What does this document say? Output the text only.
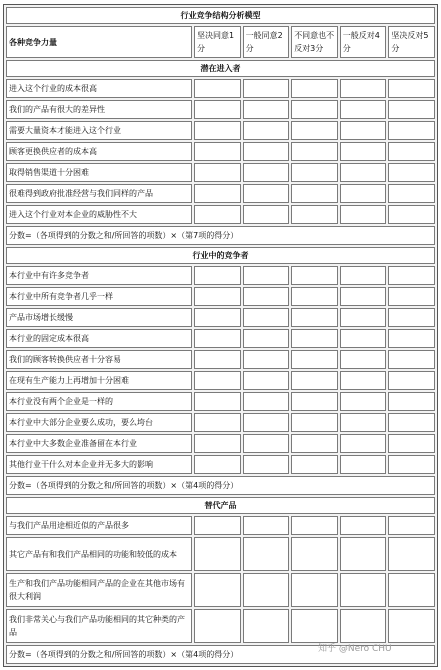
行业竞争结构分析模型					
各种竞争力量	坚决同意1分	一般同意2分	不同意也不反对3分	一般反对4分	坚决反对5分
潜在进入者					
进入这个行业的成本很高					
我们的产品有很大的差异性					
需要大量资本才能进入这个行业					
顾客更换供应者的成本高					
取得销售渠道十分困难					
很难得到政府批准经营与我们同样的产品					
进入这个行业对本企业的威胁性不大					
分数=（各项得到的分数之和/所回答的项数）×（第7项的得分）					
行业中的竞争者					
本行业中有许多竞争者					
本行业中所有竞争者几乎一样					
产品市场增长缓慢					
本行业的固定成本很高					
我们的顾客转换供应者十分容易					
在现有生产能力上再增加十分困难					
本行业没有两个企业是一样的					
本行业中大部分企业要么成功，要么垮台					
本行业中大多数企业准备留在本行业					
其他行业干什么对本企业并无多大的影响					
分数=（各项得到的分数之和/所回答的项数）×（第4项的得分）					
替代产品					
与我们产品用途相近似的产品很多					
其它产品有和我们产品相同的功能和较低的成本					
生产和我们产品功能相同产品的企业在其他市场有很大利润					
我们非常关心与我们产品功能相同的其它种类的产品					
分数=（各项得到的分数之和/所回答的项数）×（第4项的得分）					
知乎 @Nero CHU
